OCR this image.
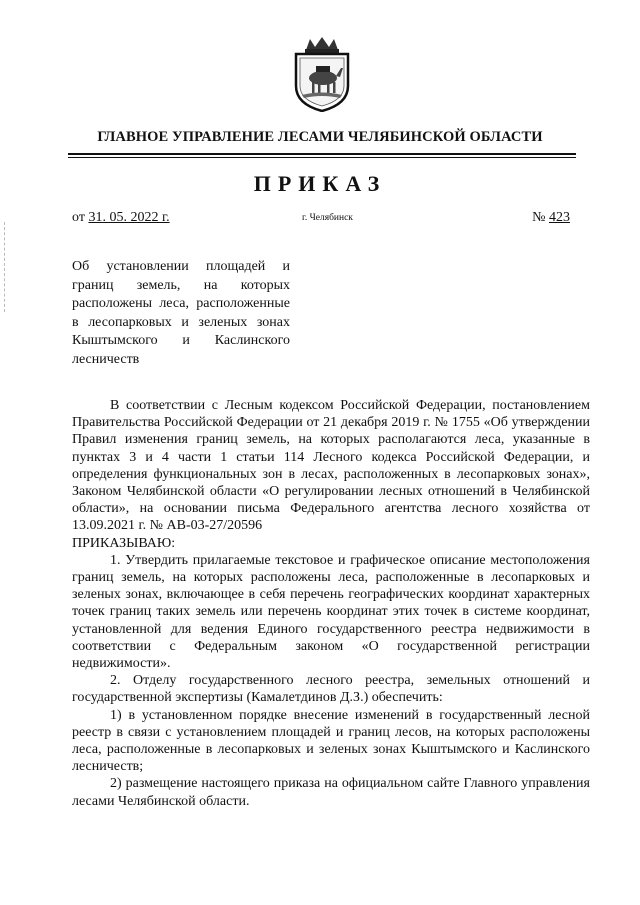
ГЛАВНОЕ УПРАВЛЕНИЕ ЛЕСАМИ ЧЕЛЯБИНСКОЙ ОБЛАСТИ
ПРИКАЗ
от 31. 05. 2022 г.	г. Челябинск	№ 423
Об установлении площадей и границ земель, на которых расположены леса, расположенные в лесопарковых и зеленых зонах Кыштымского и Каслинского лесничеств

В соответствии с Лесным кодексом Российской Федерации, постановлением Правительства Российской Федерации от 21 декабря 2019 г. № 1755 «Об утверждении Правил изменения границ земель, на которых располагаются леса, указанные в пунктах 3 и 4 части 1 статьи 114 Лесного кодекса Российской Федерации, и определения функциональных зон в лесах, расположенных в лесопарковых зонах», Законом Челябинской области «О регулировании лесных отношений в Челябинской области», на основании письма Федерального агентства лесного хозяйства от 13.09.2021 г. № АВ-03-27/20596

ПРИКАЗЫВАЮ:

1. Утвердить прилагаемые текстовое и графическое описание местоположения границ земель, на которых расположены леса, расположенные в лесопарковых и зеленых зонах, включающее в себя перечень географических координат характерных точек границ таких земель или перечень координат этих точек в системе координат, установленной для ведения Единого государственного реестра недвижимости в соответствии с Федеральным законом «О государственной регистрации недвижимости».

2. Отделу государственного лесного реестра, земельных отношений и государственной экспертизы (Камалетдинов Д.З.) обеспечить:

1) в установленном порядке внесение изменений в государственный лесной реестр в связи с установлением площадей и границ лесов, на которых расположены леса, расположенные в лесопарковых и зеленых зонах Кыштымского и Каслинского лесничеств;

2) размещение настоящего приказа на официальном сайте Главного управления лесами Челябинской области.
